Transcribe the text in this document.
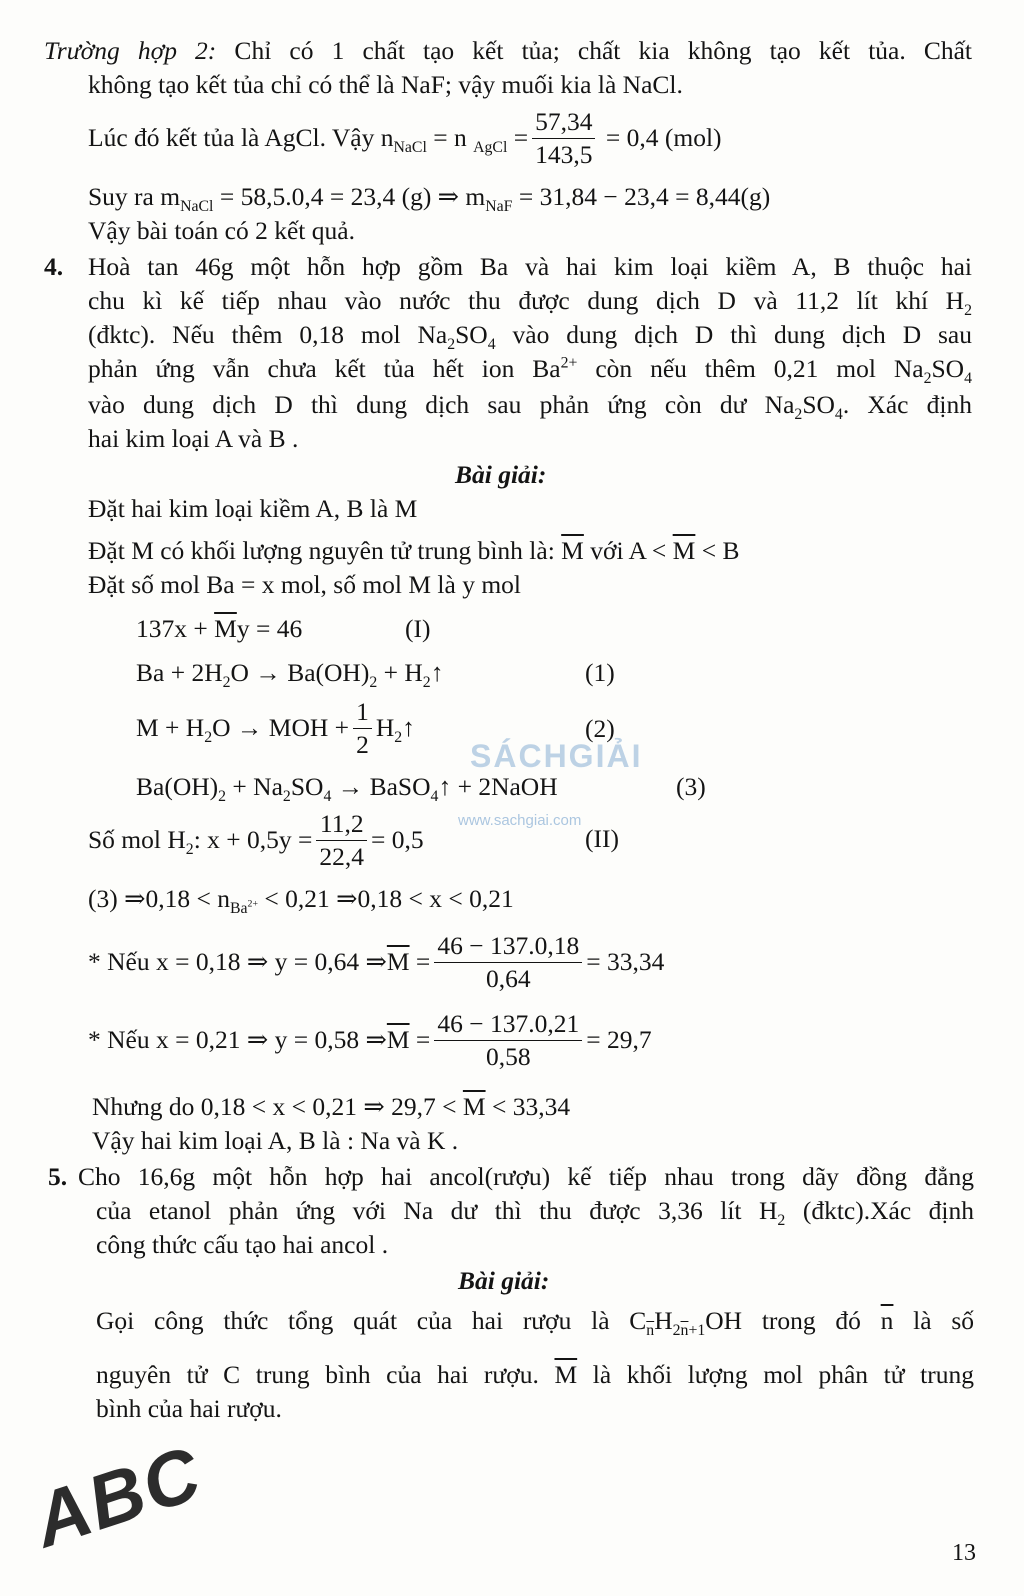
Trường hợp 2: Chỉ có 1 chất tạo kết tủa; chất kia không tạo kết tủa. Chất
không tạo kết tủa chỉ có thể là NaF; vậy muối kia là NaCl.
Lúc đó kết tủa là AgCl. Vậy $n_{NaCl} = n$ $_{AgCl} = \frac{57,34}{143,5} = 0,4$ (mol)
Suy ra $m_{NaCl} = 58,5.0,4 = 23,4$ (g) ⇒ $m_{NaF} = 31,84 - 23,4 = 8,44(g)$
Vậy bài toán có 2 kết quả.
4. Hoà tan 46g một hỗn hợp gồm Ba và hai kim loại kiềm A, B thuộc hai
chu kì kế tiếp nhau vào nước thu được dung dịch D và 11,2 lít khí $H_2$
(đktc). Nếu thêm 0,18 mol $Na_2SO_4$ vào dung dịch D thì dung dịch D sau
phản ứng vẫn chưa kết tủa hết ion $Ba^{2+}$ còn nếu thêm 0,21 mol $Na_2SO_4$
vào dung dịch D thì dung dịch sau phản ứng còn dư $Na_2SO_4$. Xác định
hai kim loại A và B .
Bài giải:
Đặt hai kim loại kiềm A, B là M
Đặt M có khối lượng nguyên tử trung bình là: $\overline{M}$ với $A < \overline{M} < B$
Đặt số mol Ba = x mol, số mol M là y mol
$137x + \overline{M}y = 46$	(I)
$Ba + 2H_2O \to Ba(OH)_2$ + $H_2↑$	(1)
$M + H_2O$ → MOH + $\frac{1}{2}$ $H_2↑$	(2)
$Ba(OH)_2 + Na_2SO_4$ → BaSO$_4$↑ + 2NaOH	(3)
Số mol $H_2$: $x + 0,5y = \frac{11,2}{22,4} = 0,5$	(II)
(3) ⇒0,18 < $n_{Ba^{2+}} < 0,21$ ⇒0,18 < x < 0,21
* Nếu x = 0,18 ⇒ y = 0,64 $\Rightarrow\overline{M} = \frac{46 - 137.0,18}{0,64} = 33,34$
* Nếu x = 0,21 ⇒ y = 0,58 $\Rightarrow\overline{M} = \frac{46 - 137.0,21}{0,58} = 29,7$
Nhưng do 0,18 < x < 0,21 ⇒ $29,7 < \overline{M} < 33,34$
Vậy hai kim loại A, B là : Na và K .
5. Cho 16,6g một hỗn hợp hai ancol(rượu) kế tiếp nhau trong dãy đồng đẳng
của etanol phản ứng với Na dư thì thu được 3,36 lít $H_2$ (đktc).Xác định
công thức cấu tạo hai ancol .
Bài giải:
Gọi công thức tổng quát của hai rượu là $C_{\overline{n}}H_{2\overline{n}+1}OH$ trong đó $\overline{n}$ là số
nguyên tử C trung bình của hai rượu. $\overline{M}$ là khối lượng mol phân tử trung
bình của hai rượu.
SÁCHGIẢI
www.sachgiai.com
ABC	13
